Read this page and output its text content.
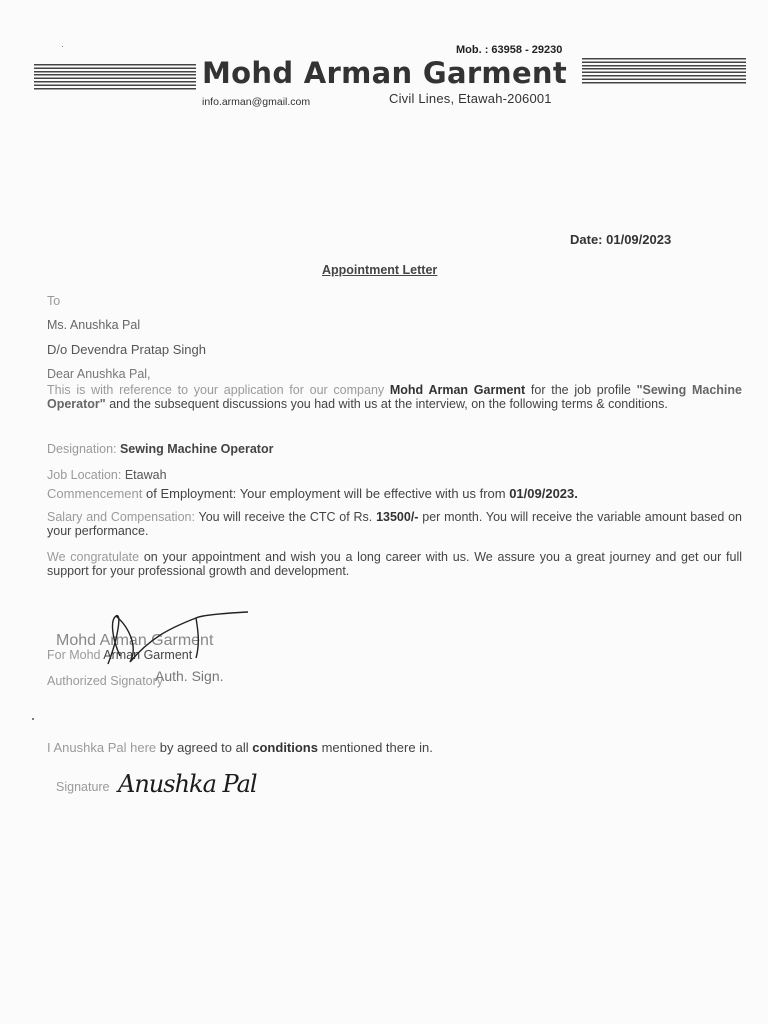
Mob. : 63958 - 29230
Mohd Arman Garment
info.arman@gmail.com	Civil Lines, Etawah-206001
Date: 01/09/2023
Appointment Letter
To
Ms. Anushka Pal
D/o Devendra Pratap Singh
Dear Anushka Pal,
This is with reference to your application for our company Mohd Arman Garment for the job profile "Sewing Machine Operator" and the subsequent discussions you had with us at the interview, on the following terms & conditions.
Designation: Sewing Machine Operator
Job Location: Etawah
Commencement of Employment: Your employment will be effective with us from 01/09/2023.
Salary and Compensation: You will receive the CTC of Rs. 13500/- per month. You will receive the variable amount based on your performance.
We congratulate on your appointment and wish you a long career with us. We assure you a great journey and get our full support for your professional growth and development.
Mohd Arman Garment
For Mohd Arman Garment
Authorized Signatory
Auth. Sign.
I Anushka Pal here by agreed to all conditions mentioned there in.
Signature Anushka Pal
